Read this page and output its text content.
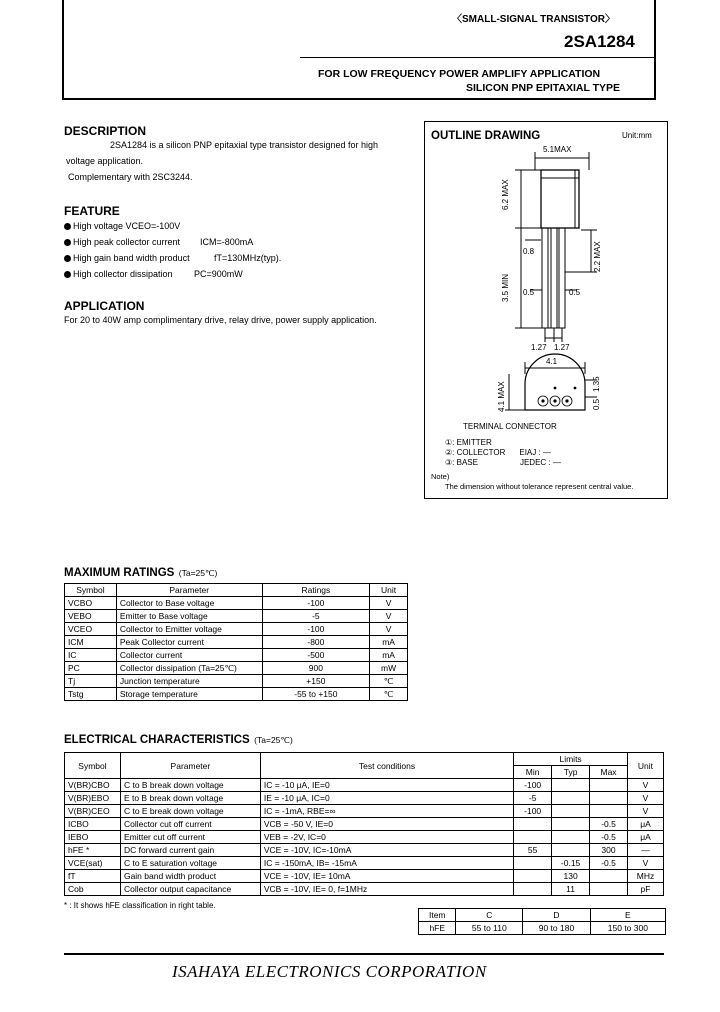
〈SMALL-SIGNAL TRANSISTOR〉
2SA1284
FOR LOW FREQUENCY POWER AMPLIFY APPLICATION
SILICON PNP EPITAXIAL TYPE
DESCRIPTION
2SA1284 is a silicon PNP epitaxial type transistor designed for high
voltage application.
Complementary with 2SC3244.
FEATURE
High voltage VCEO=-100V
High peak collector current ICM=-800mA
High gain band width product	fT=130MHz(typ).
High collector dissipation PC=900mW
APPLICATION
For 20 to 40W amp complimentary drive, relay drive, power supply application.
OUTLINE DRAWING	Unit:mm
5.1MAX
6.2 MAX
0.8	2.2 MAX
3.5 MIN 0.5	0.5
1.27 1.27
4.1
4.1 MAX	1.35
0.5
TERMINAL CONNECTOR
①: EMITTER
②: COLLECTOR EIAJ : —
③: BASE	JEDEC : —
Note)
The dimension without tolerance represent central value.
MAXIMUM RATINGS (Ta=25℃)
Symbol	Parameter	Ratings	Unit
VCBO	Collector to Base voltage	-100	V
VEBO	Emitter to Base voltage	-5	V
VCEO	Collector to Emitter voltage	-100	V
ICM	Peak Collector current	-800	mA
IC	Collector current	-500	mA
PC	Collector dissipation (Ta=25℃)	900	mW
Tj	Junction temperature	+150	℃
Tstg	Storage temperature	-55 to +150	℃
ELECTRICAL CHARACTERISTICS (Ta=25℃)
Symbol	Parameter	Test conditions	Limits			Unit
			Min	Typ	Max	
V(BR)CBO	C to B break down voltage	IC = -10 μA, IE=0	-100			V
V(BR)EBO	E to B break down voltage	IE = -10 μA, IC=0	-5			V
V(BR)CEO	C to E break down voltage	IC = -1mA, RBE=∞	-100			V
ICBO	Collector cut off current	VCB = -50 V, IE=0			-0.5	μA
IEBO	Emitter cut off current	VEB = -2V, IC=0			-0.5	μA
hFE *	DC forward current gain	VCE = -10V, IC=-10mA	55		300	—
VCE(sat)	C to E saturation voltage	IC = -150mA, IB= -15mA		-0.15	-0.5	V
fT	Gain band width product	VCE = -10V, IE= 10mA		130		MHz
Cob	Collector output capacitance	VCB = -10V, IE= 0, f=1MHz		11		pF
* : It shows hFE classification in right table.
Item	C	D	E
hFE	55 to 110	90 to 180	150 to 300
ISAHAYA ELECTRONICS CORPORATION
